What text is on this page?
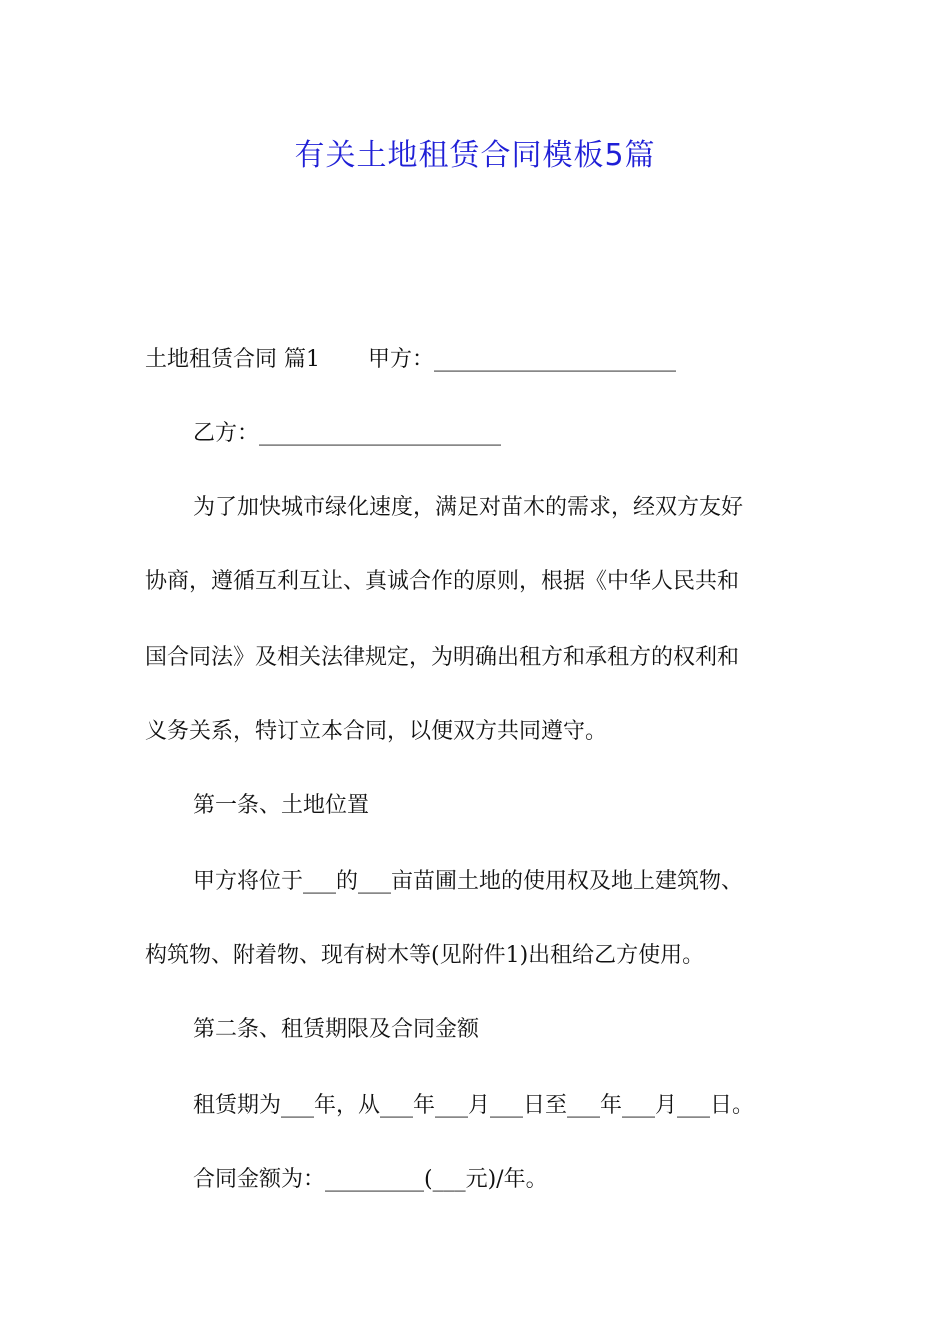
有关土地租赁合同模板5篇
土地租赁合同 篇1 甲方：______________________
乙方：______________________
为了加快城市绿化速度，满足对苗木的需求，经双方友好
协商，遵循互利互让、真诚合作的原则，根据《中华人民共和
国合同法》及相关法律规定，为明确出租方和承租方的权利和
义务关系，特订立本合同，以便双方共同遵守。
第一条、土地位置
甲方将位于___的___亩苗圃土地的使用权及地上建筑物、
构筑物、附着物、现有树木等(见附件1)出租给乙方使用。
第二条、租赁期限及合同金额
租赁期为___年，从___年___月___日至___年___月___日。
合同金额为：_________(___元)/年。
